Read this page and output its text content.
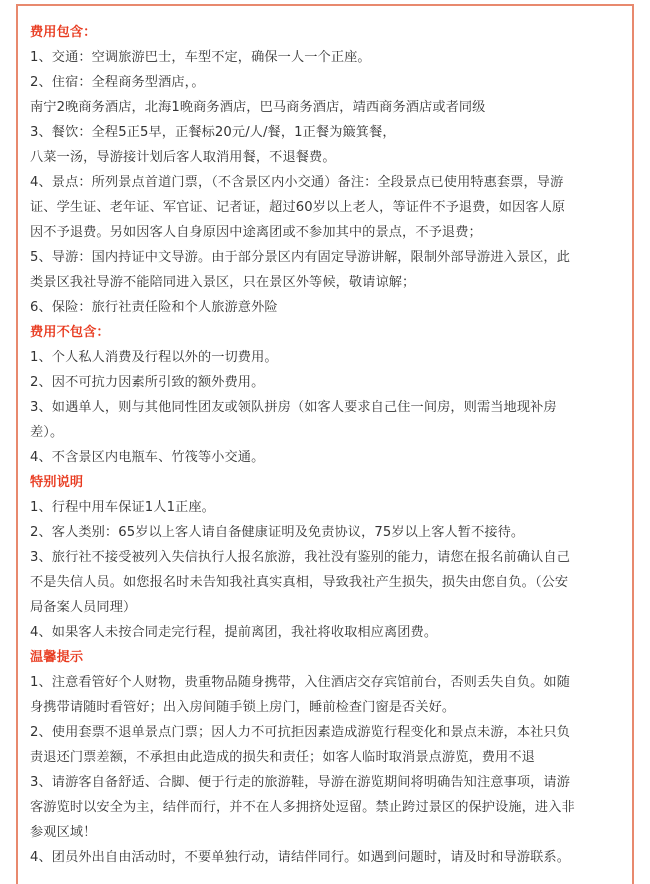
费用包含：
1、交通：空调旅游巴士，车型不定，确保一人一个正座。
2、住宿：全程商务型酒店，。
南宁2晚商务酒店，北海1晚商务酒店，巴马商务酒店，靖西商务酒店或者同级
3、餐饮：全程5正5早，正餐标20元/人/餐，1正餐为簸箕餐，
八菜一汤，导游接计划后客人取消用餐，不退餐费。
4、景点：所列景点首道门票，（不含景区内小交通）备注：全段景点已使用特惠套票，导游
证、学生证、老年证、军官证、记者证，超过60岁以上老人，等证件不予退费，如因客人原
因不予退费。另如因客人自身原因中途离团或不参加其中的景点，不予退费；
5、导游：国内持证中文导游。由于部分景区内有固定导游讲解，限制外部导游进入景区，此
类景区我社导游不能陪同进入景区，只在景区外等候，敬请谅解；
6、保险：旅行社责任险和个人旅游意外险
费用不包含：
1、个人私人消费及行程以外的一切费用。
2、因不可抗力因素所引致的额外费用。
3、如遇单人，则与其他同性团友或领队拼房（如客人要求自己住一间房，则需当地现补房
差）。
4、不含景区内电瓶车、竹筏等小交通。
特别说明
1、行程中用车保证1人1正座。
2、客人类别：65岁以上客人请自备健康证明及免责协议，75岁以上客人暂不接待。
3、旅行社不接受被列入失信执行人报名旅游，我社没有鉴别的能力，请您在报名前确认自己
不是失信人员。如您报名时未告知我社真实真相，导致我社产生损失，损失由您自负。（公安
局备案人员同理）
4、如果客人未按合同走完行程，提前离团，我社将收取相应离团费。
温馨提示
1、注意看管好个人财物，贵重物品随身携带，入住酒店交存宾馆前台，否则丢失自负。如随
身携带请随时看管好；出入房间随手锁上房门，睡前检查门窗是否关好。
2、使用套票不退单景点门票；因人力不可抗拒因素造成游览行程变化和景点未游，本社只负
责退还门票差额，不承担由此造成的损失和责任；如客人临时取消景点游览，费用不退
3、请游客自备舒适、合脚、便于行走的旅游鞋，导游在游览期间将明确告知注意事项，请游
客游览时以安全为主，结伴而行，并不在人多拥挤处逗留。禁止跨过景区的保护设施，进入非
参观区域！
4、团员外出自由活动时，不要单独行动，请结伴同行。如遇到问题时，请及时和导游联系。
